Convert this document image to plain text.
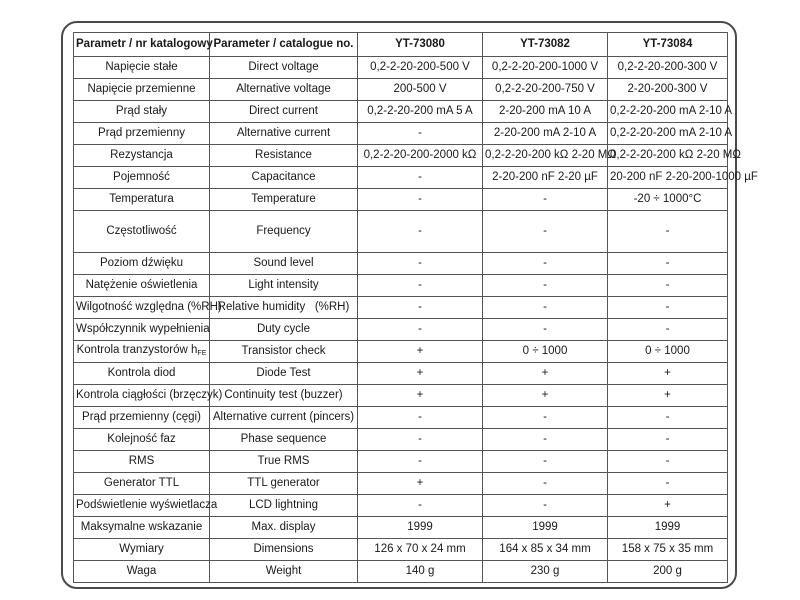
Parametr / nr katalogowy	Parameter / catalogue no.	YT-73080	YT-73082	YT-73084
Napięcie stałe	Direct voltage	0,2-2-20-200-500 V	0,2-2-20-200-1000 V	0,2-2-20-200-300 V
Napięcie przemienne	Alternative voltage	200-500 V	0,2-2-20-200-750 V	2-20-200-300 V
Prąd stały	Direct current	0,2-2-20-200 mA 5 A	2-20-200 mA 10 A	0,2-2-20-200 mA 2-10 A
Prąd przemienny	Alternative current	-	2-20-200 mA 2-10 A	0,2-2-20-200 mA 2-10 A
Rezystancja	Resistance	0,2-2-20-200-2000 kΩ	0,2-2-20-200 kΩ 2-20 MΩ	0,2-2-20-200 kΩ 2-20 MΩ
Pojemność	Capacitance	-	2-20-200 nF 2-20 µF	20-200 nF 2-20-200-1000 µF
Temperatura	Temperature	-	-	-20 ÷ 1000°C
Częstotliwość	Frequency	-	-	-
Poziom dźwięku	Sound level	-	-	-
Natężenie oświetlenia	Light intensity	-	-	-
Wilgotność względna (%RH)	Relative humidity   (%RH)	-	-	-
Współczynnik wypełnienia	Duty cycle	-	-	-
Kontrola tranzystorów $h_{FE}$	Transistor check	+	0 ÷ 1000	0 ÷ 1000
Kontrola diod	Diode Test	+	+	+
Kontrola ciągłości (brzęczyk)	Continuity test (buzzer)	+	+	+
Prąd przemienny (cęgi)	Alternative current (pincers)	-	-	-
Kolejność faz	Phase sequence	-	-	-
RMS	True RMS	-	-	-
Generator TTL	TTL generator	+	-	-
Podświetlenie wyświetlacza	LCD lightning	-	-	+
Maksymalne wskazanie	Max. display	1999	1999	1999
Wymiary	Dimensions	126 x 70 x 24 mm	164 x 85 x 34 mm	158 x 75 x 35 mm
Waga	Weight	140 g	230 g	200 g
